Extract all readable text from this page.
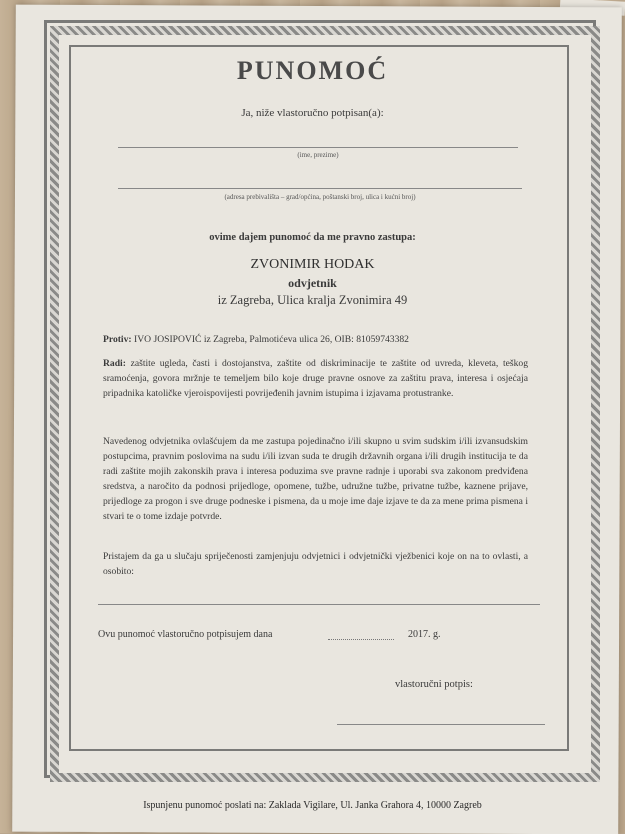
PUNOMOĆ
Ja, niže vlastoručno potpisan(a):
(ime, prezime)
(adresa prebivališta – grad/općina, poštanski broj, ulica i kućni broj)
ovime dajem punomoć da me pravno zastupa:
ZVONIMIR HODAK
odvjetnik
iz Zagreba, Ulica kralja Zvonimira 49
Protiv: IVO JOSIPOVIĆ iz Zagreba, Palmotićeva ulica 26, OIB: 81059743382
Radi: zaštite ugleda, časti i dostojanstva, zaštite od diskriminacije te zaštite od uvreda, kleveta, teškog sramoćenja, govora mržnje te temeljem bilo koje druge pravne osnove za zaštitu prava, interesa i osjećaja pripadnika katoličke vjeroispovijesti povrijeđenih javnim istupima i izjavama protustranke.
Navedenog odvjetnika ovlašćujem da me zastupa pojedinačno i/ili skupno u svim sudskim i/ili izvansudskim postupcima, pravnim poslovima na sudu i/ili izvan suda te drugih državnih organa i/ili drugih institucija te da radi zaštite mojih zakonskih prava i interesa poduzima sve pravne radnje i uporabi sva zakonom predviđena sredstva, a naročito da podnosi prijedloge, opomene, tužbe, udružne tužbe, privatne tužbe, kaznene prijave, prijedloge za progon i sve druge podneske i pismena, da u moje ime daje izjave te da za mene prima pismena i stvari te o tome izdaje potvrde.
Pristajem da ga u slučaju spriječenosti zamjenjuju odvjetnici i odvjetnički vježbenici koje on na to ovlasti, a osobito:
Ovu punomoć vlastoručno potpisujem dana	2017. g.
vlastoručni potpis:
Ispunjenu punomoć poslati na: Zaklada Vigilare, Ul. Janka Grahora 4, 10000 Zagreb
